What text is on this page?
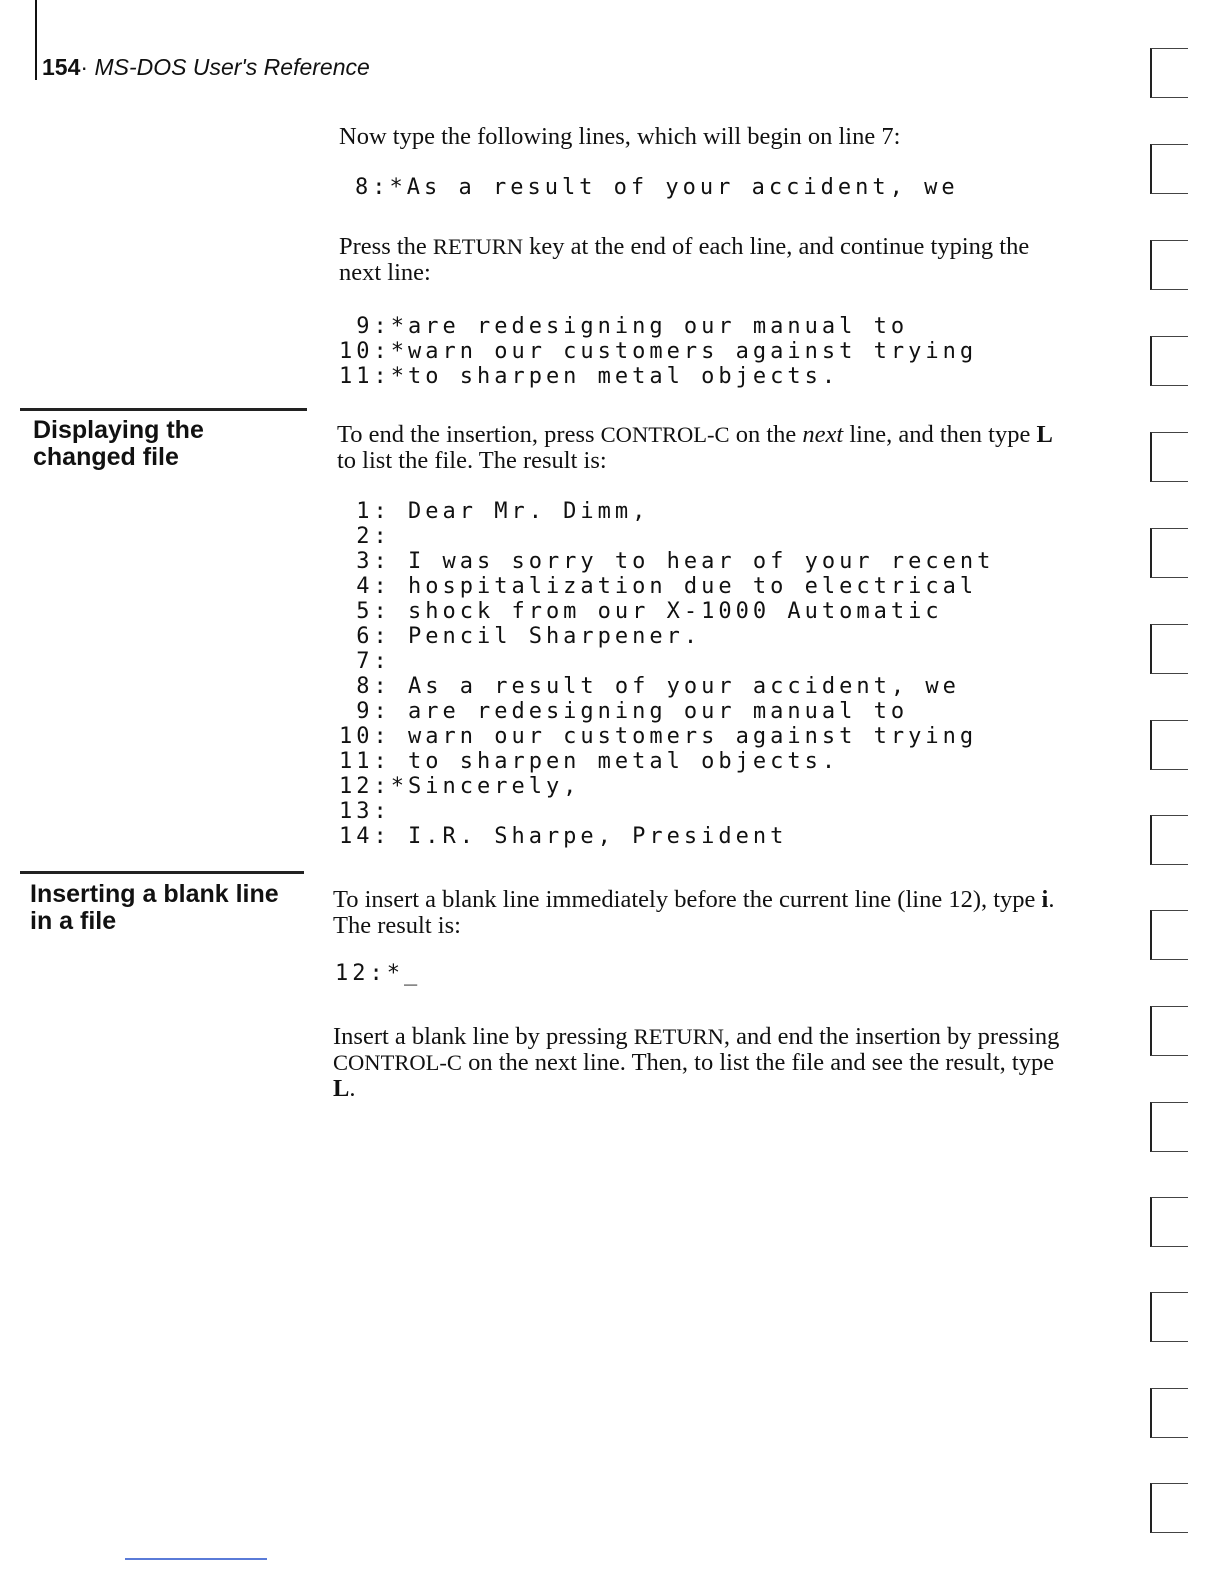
154· MS-DOS User's Reference
Now type the following lines, which will begin on line 7:
8:*As a result of your accident, we
Press the RETURN key at the end of each line, and continue typing the next line:
9:*are redesigning our manual to
10:*warn our customers against trying
11:*to sharpen metal objects.
Displaying the
changed file
To end the insertion, press CONTROL-C on the next line, and then type L to list the file. The result is:
1: Dear Mr. Dimm,
2:
3: I was sorry to hear of your recent
4: hospitalization due to electrical
5: shock from our X-1000 Automatic
6: Pencil Sharpener.
7:
8: As a result of your accident, we
9: are redesigning our manual to
10: warn our customers against trying
11: to sharpen metal objects.
12:*Sincerely,
13:
14: I.R. Sharpe, President
Inserting a blank line
in a file
To insert a blank line immediately before the current line (line 12), type i. The result is:
12:*_
Insert a blank line by pressing RETURN, and end the insertion by pressing CONTROL-C on the next line. Then, to list the file and see the result, type L.
